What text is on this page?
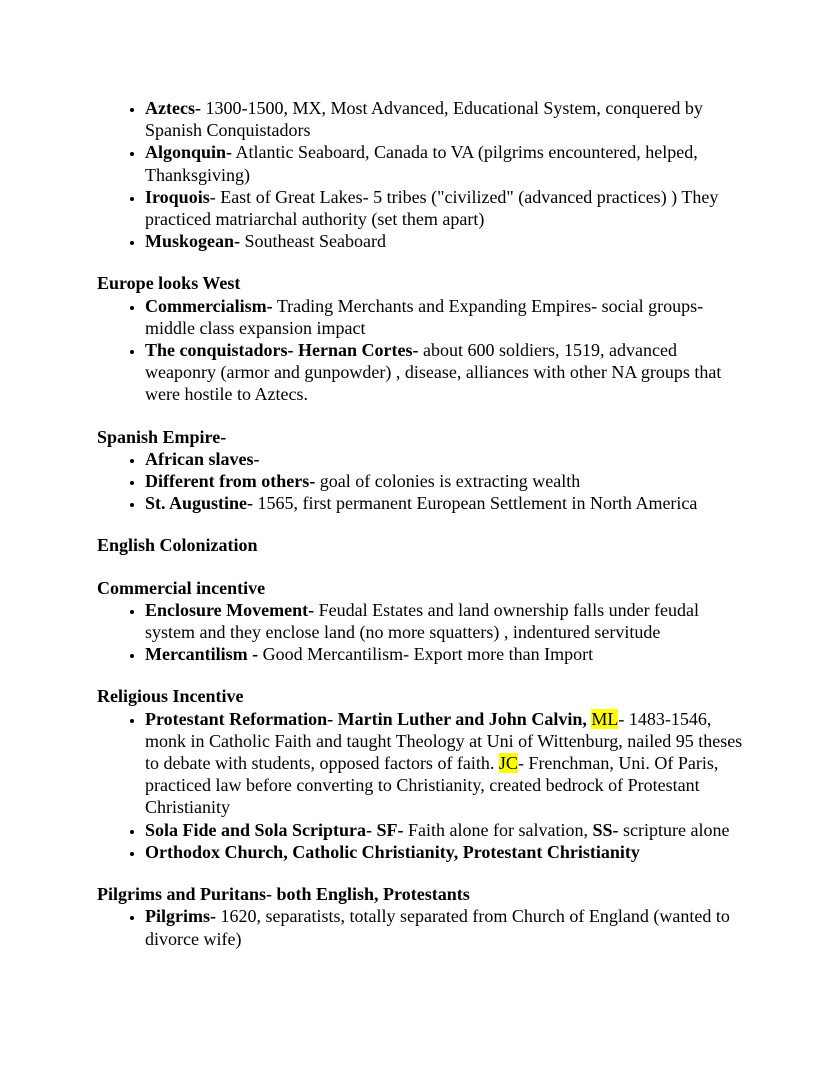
• Aztecs- 1300-1500, MX, Most Advanced, Educational System, conquered by Spanish Conquistadors
• Algonquin- Atlantic Seaboard, Canada to VA (pilgrims encountered, helped, Thanksgiving)
• Iroquois- East of Great Lakes- 5 tribes ("civilized" (advanced practices) ) They practiced matriarchal authority (set them apart)
• Muskogean- Southeast Seaboard
Europe looks West
• Commercialism- Trading Merchants and Expanding Empires- social groups- middle class expansion impact
• The conquistadors- Hernan Cortes- about 600 soldiers, 1519, advanced weaponry (armor and gunpowder) , disease, alliances with other NA groups that were hostile to Aztecs.
Spanish Empire-
• African slaves-
• Different from others- goal of colonies is extracting wealth
• St. Augustine- 1565, first permanent European Settlement in North America
English Colonization
Commercial incentive
• Enclosure Movement- Feudal Estates and land ownership falls under feudal system and they enclose land (no more squatters) , indentured servitude
• Mercantilism - Good Mercantilism- Export more than Import
Religious Incentive
• Protestant Reformation- Martin Luther and John Calvin, ML- 1483-1546, monk in Catholic Faith and taught Theology at Uni of Wittenburg, nailed 95 theses to debate with students, opposed factors of faith. JC- Frenchman, Uni. Of Paris, practiced law before converting to Christianity, created bedrock of Protestant Christianity
• Sola Fide and Sola Scriptura- SF- Faith alone for salvation, SS- scripture alone
• Orthodox Church, Catholic Christianity, Protestant Christianity
Pilgrims and Puritans- both English, Protestants
• Pilgrims- 1620, separatists, totally separated from Church of England (wanted to divorce wife)
